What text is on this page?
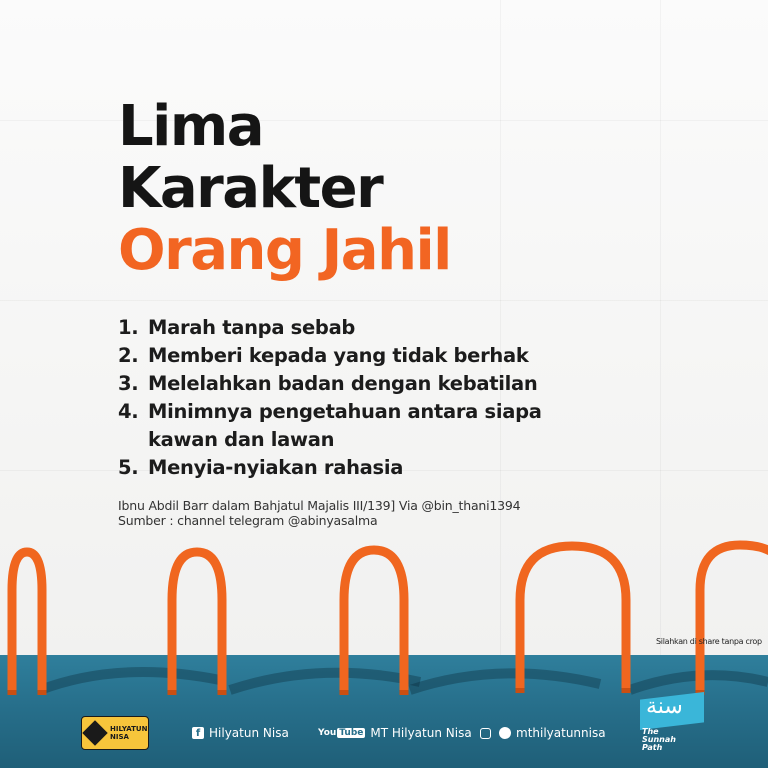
Lima
Karakter
Orang Jahil
1. Marah tanpa sebab
2. Memberi kepada yang tidak berhak
3. Melelahkan badan dengan kebatilan
4. Minimnya pengetahuan antara siapa kawan dan lawan
5. Menyia-nyiakan rahasia
Ibnu Abdil Barr dalam Bahjatul Majalis III/139] Via @bin_thani1394
Sumber : channel telegram @abinyasalma
Silahkan di share tanpa crop
HILYATUN
NISA	f Hilyatun Nisa	You Tube MT Hilyatun Nisa	mthilyatunnisa
سنة
The
Sunnah
Path
